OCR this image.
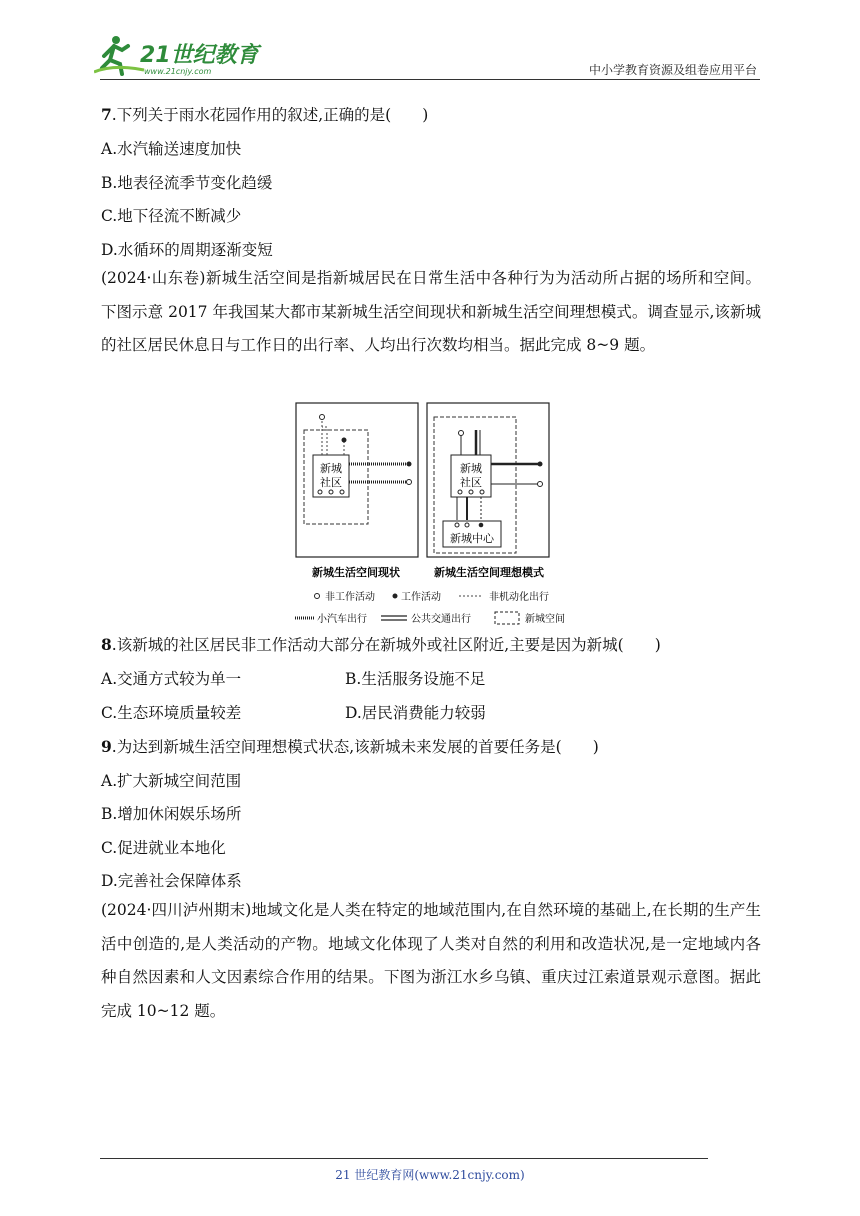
21世纪教育
www.21cnjy.com	中小学教育资源及组卷应用平台
7.下列关于雨水花园作用的叙述,正确的是(　　)
A.水汽输送速度加快
B.地表径流季节变化趋缓
C.地下径流不断减少
D.水循环的周期逐渐变短
(2024·山东卷)新城生活空间是指新城居民在日常生活中各种行为为活动所占据的场所和空间。下图示意 2017 年我国某大都市某新城生活空间现状和新城生活空间理想模式。调查显示,该新城的社区居民休息日与工作日的出行率、人均出行次数均相当。据此完成 8~9 题。
新城
社区
新城
社区
新城中心
新城生活空间现状	新城生活空间理想模式
非工作活动	工作活动	非机动化出行
小汽车出行	公共交通出行	新城空间
8.该新城的社区居民非工作活动大部分在新城外或社区附近,主要是因为新城(　　)
A.交通方式较为单一	B.生活服务设施不足
C.生态环境质量较差	D.居民消费能力较弱
9.为达到新城生活空间理想模式状态,该新城未来发展的首要任务是(　　)
A.扩大新城空间范围
B.增加休闲娱乐场所
C.促进就业本地化
D.完善社会保障体系
(2024·四川泸州期末)地域文化是人类在特定的地域范围内,在自然环境的基础上,在长期的生产生活中创造的,是人类活动的产物。地域文化体现了人类对自然的利用和改造状况,是一定地域内各种自然因素和人文因素综合作用的结果。下图为浙江水乡乌镇、重庆过江索道景观示意图。据此完成 10~12 题。
21 世纪教育网(www.21cnjy.com)
